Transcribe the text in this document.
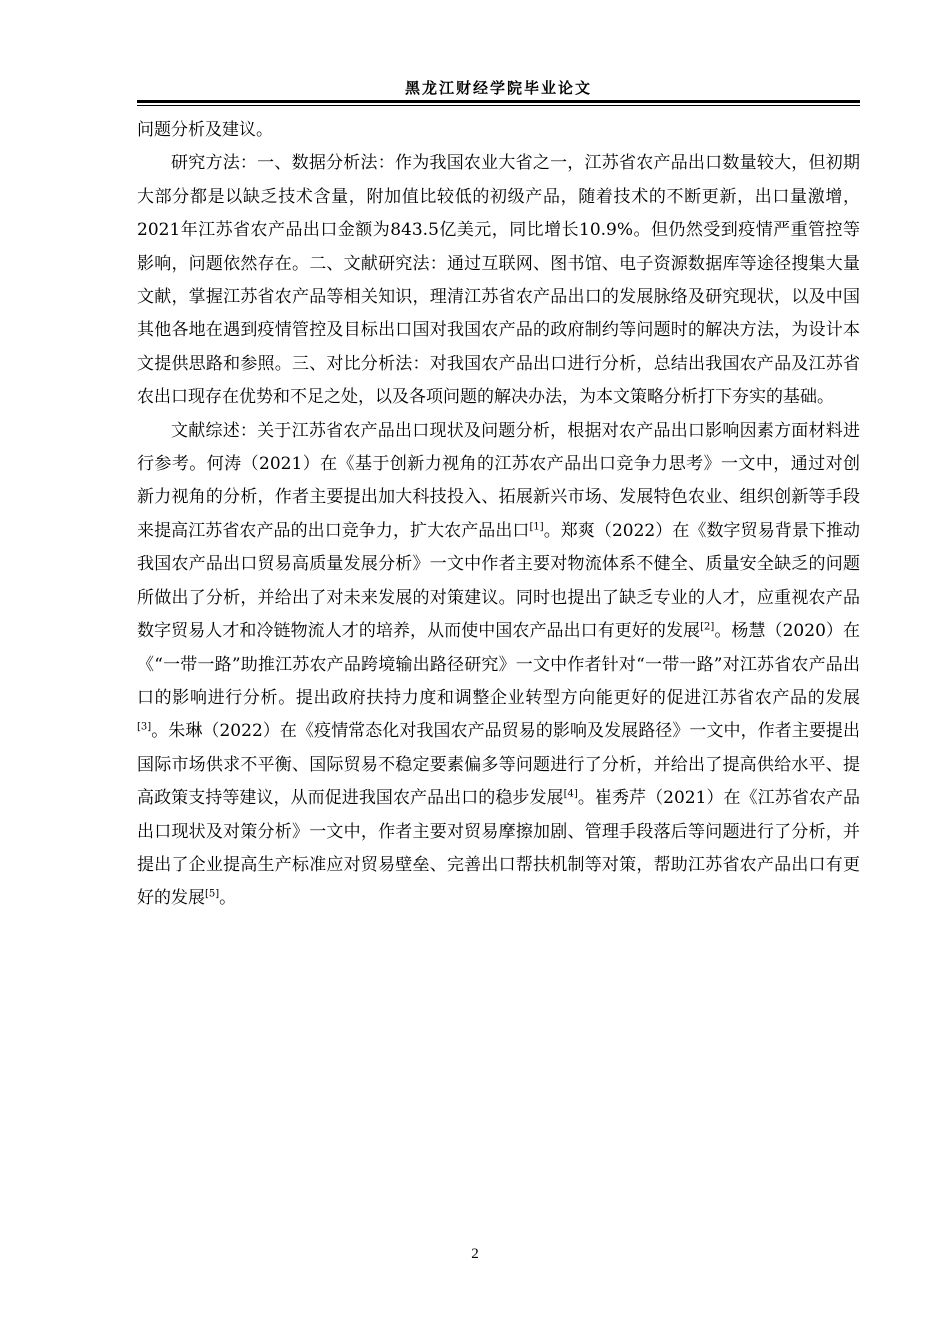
黑龙江财经学院毕业论文

问题分析及建议。

研究方法：一、数据分析法：作为我国农业大省之一，江苏省农产品出口数量较大，但初期大部分都是以缺乏技术含量，附加值比较低的初级产品，随着技术的不断更新，出口量激增，2021年江苏省农产品出口金额为843.5亿美元，同比增长10.9%。但仍然受到疫情严重管控等影响，问题依然存在。二、文献研究法：通过互联网、图书馆、电子资源数据库等途径搜集大量文献，掌握江苏省农产品等相关知识，理清江苏省农产品出口的发展脉络及研究现状，以及中国其他各地在遇到疫情管控及目标出口国对我国农产品的政府制约等问题时的解决方法，为设计本文提供思路和参照。三、对比分析法：对我国农产品出口进行分析，总结出我国农产品及江苏省农出口现存在优势和不足之处，以及各项问题的解决办法，为本文策略分析打下夯实的基础。

文献综述：关于江苏省农产品出口现状及问题分析，根据对农产品出口影响因素方面材料进行参考。何涛（2021）在《基于创新力视角的江苏农产品出口竞争力思考》一文中，通过对创新力视角的分析，作者主要提出加大科技投入、拓展新兴市场、发展特色农业、组织创新等手段来提高江苏省农产品的出口竞争力，扩大农产品出口[1]。郑爽（2022）在《数字贸易背景下推动我国农产品出口贸易高质量发展分析》一文中作者主要对物流体系不健全、质量安全缺乏的问题所做出了分析，并给出了对未来发展的对策建议。同时也提出了缺乏专业的人才，应重视农产品数字贸易人才和冷链物流人才的培养，从而使中国农产品出口有更好的发展[2]。杨慧（2020）在《“一带一路”助推江苏农产品跨境输出路径研究》一文中作者针对“一带一路”对江苏省农产品出口的影响进行分析。提出政府扶持力度和调整企业转型方向能更好的促进江苏省农产品的发展[3]。朱琳（2022）在《疫情常态化对我国农产品贸易的影响及发展路径》一文中，作者主要提出国际市场供求不平衡、国际贸易不稳定要素偏多等问题进行了分析，并给出了提高供给水平、提高政策支持等建议，从而促进我国农产品出口的稳步发展[4]。崔秀芹（2021）在《江苏省农产品出口现状及对策分析》一文中，作者主要对贸易摩擦加剧、管理手段落后等问题进行了分析，并提出了企业提高生产标准应对贸易壁垒、完善出口帮扶机制等对策，帮助江苏省农产品出口有更好的发展[5]。

2
